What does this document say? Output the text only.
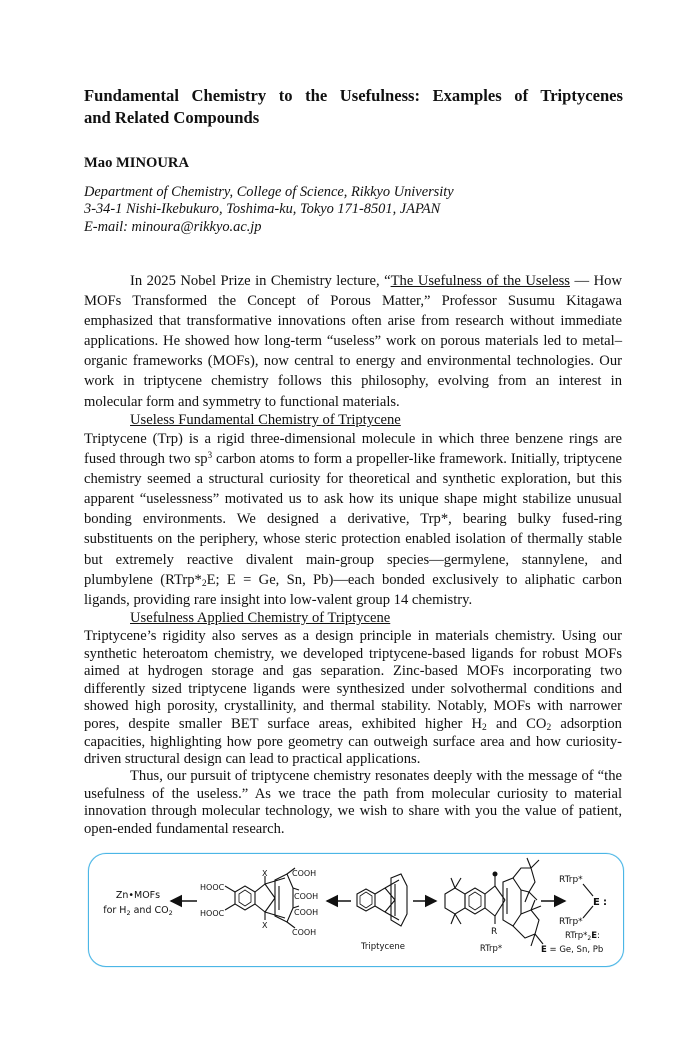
Fundamental Chemistry to the Usefulness: Examples of Triptycenes
and Related Compounds
Mao MINOURA
Department of Chemistry, College of Science, Rikkyo University
3-34-1 Nishi-Ikebukuro, Toshima-ku, Tokyo 171-8501, JAPAN
E-mail: minoura@rikkyo.ac.jp
In 2025 Nobel Prize in Chemistry lecture, “The Usefulness of the Useless — How MOFs Transformed the Concept of Porous Matter,” Professor Susumu Kitagawa emphasized that transformative innovations often arise from research without immediate applications. He showed how long-term “useless” work on porous materials led to metal–organic frameworks (MOFs), now central to energy and environmental technologies. Our work in triptycene chemistry follows this philosophy, evolving from an interest in molecular form and symmetry to functional materials.
Useless Fundamental Chemistry of Triptycene
Triptycene (Trp) is a rigid three-dimensional molecule in which three benzene rings are fused through two $sp^3$ carbon atoms to form a propeller-like framework. Initially, triptycene chemistry seemed a structural curiosity for theoretical and synthetic exploration, but this apparent “uselessness” motivated us to ask how its unique shape might stabilize unusual bonding environments. We designed a derivative, Trp*, bearing bulky fused-ring substituents on the periphery, whose steric protection enabled isolation of thermally stable but extremely reactive divalent main-group species—germylene, stannylene, and plumbylene ($RTrp*_2E$; E = Ge, Sn, Pb)—each bonded exclusively to aliphatic carbon ligands, providing rare insight into low-valent group 14 chemistry.
Usefulness Applied Chemistry of Triptycene
Triptycene’s rigidity also serves as a design principle in materials chemistry. Using our synthetic heteroatom chemistry, we developed triptycene-based ligands for robust MOFs aimed at hydrogen storage and gas separation. Zinc-based MOFs incorporating two differently sized triptycene ligands were synthesized under solvothermal conditions and showed high porosity, crystallinity, and thermal stability. Notably, MOFs with narrower pores, despite smaller BET surface areas, exhibited higher $H_2$ and $CO_2$ adsorption capacities, highlighting how pore geometry can outweigh surface area and how curiosity-driven structural design can lead to practical applications.
Thus, our pursuit of triptycene chemistry resonates deeply with the message of “the usefulness of the useless.” As we trace the path from molecular curiosity to material innovation through molecular technology, we wish to share with you the value of patient, open-ended fundamental research.
Zn•MOFs
for $H_2$ and $CO_2$
HOOC
HOOC
X
X
COOH
COOH
COOH
COOH
Triptycene
R
RTrp*
RTrp*
RTrp*
E :
$RTrp*_2E$:
E = Ge, Sn, Pb
